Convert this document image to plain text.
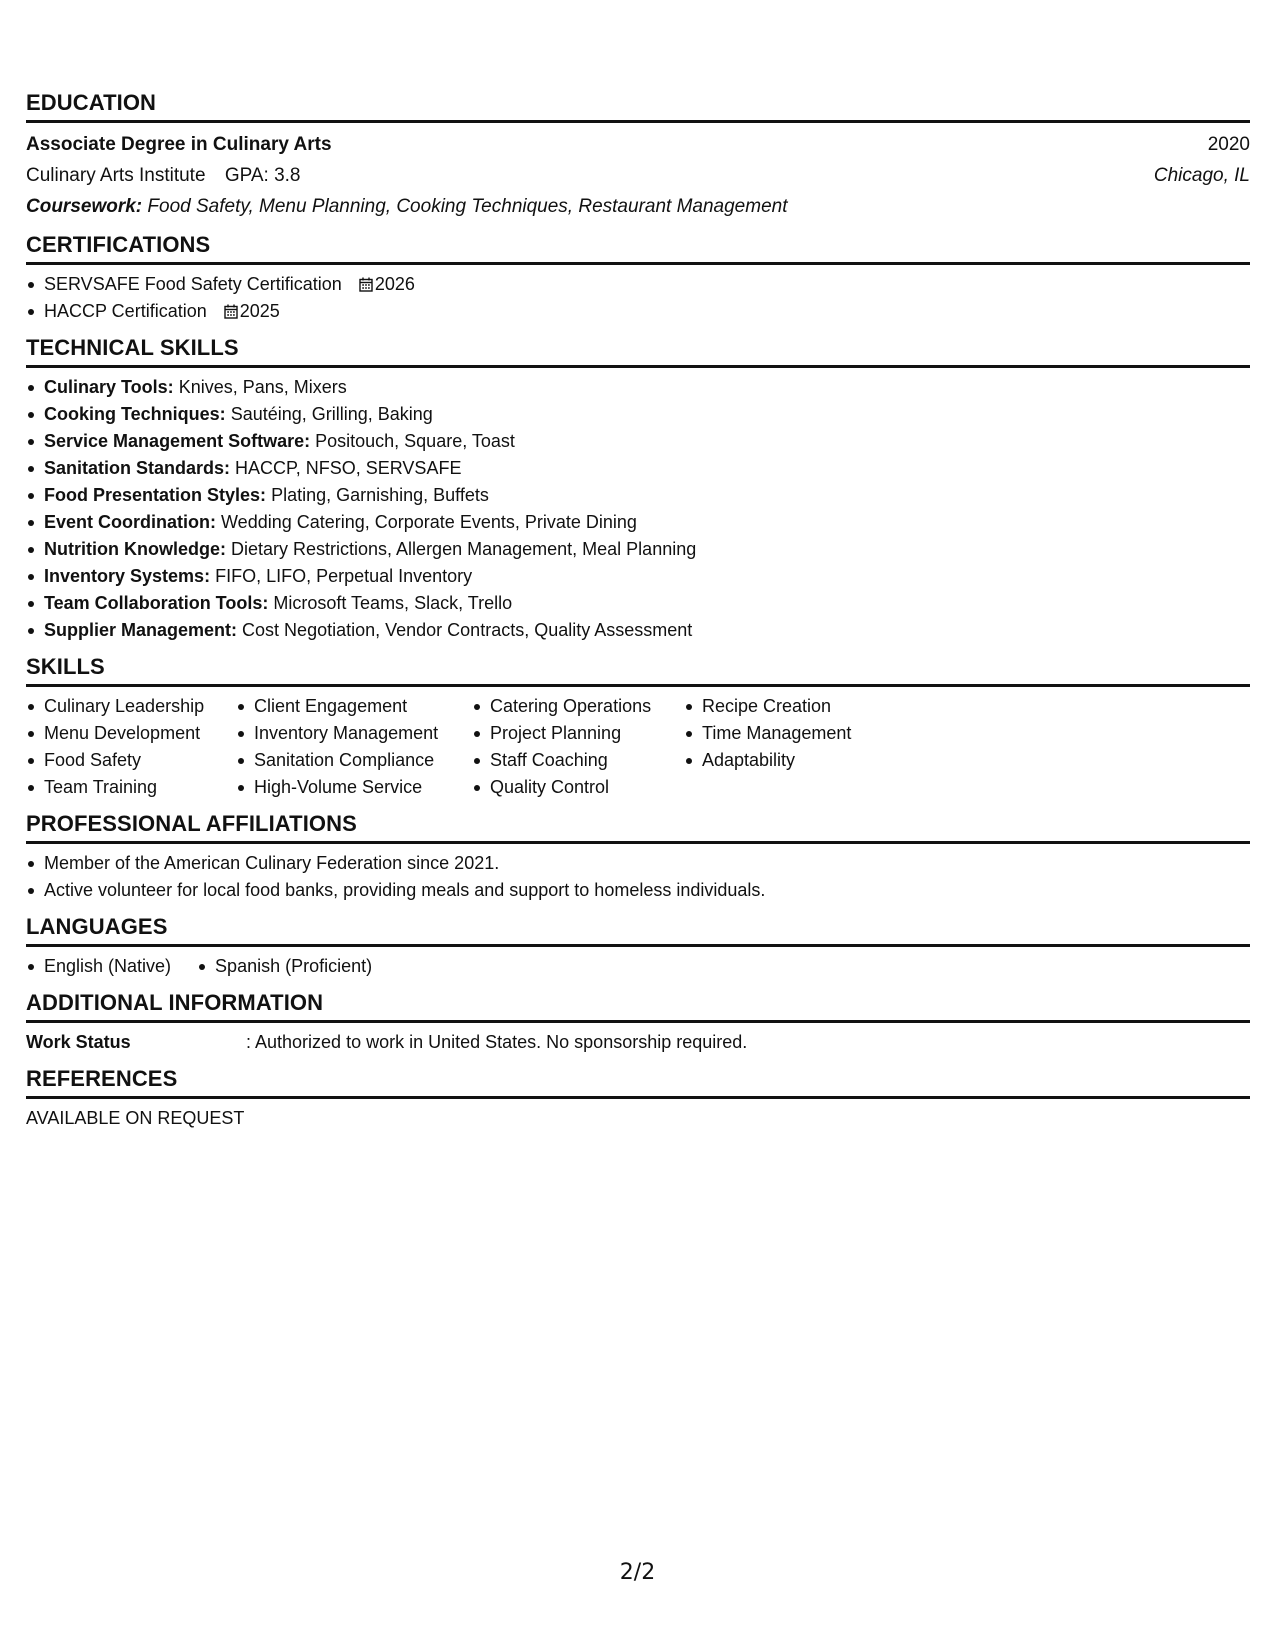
EDUCATION
Associate Degree in Culinary Arts	2020
Culinary Arts Institute GPA: 3.8	Chicago, IL
Coursework: Food Safety, Menu Planning, Cooking Techniques, Restaurant Management
CERTIFICATIONS
SERVSAFE Food Safety Certification 2026
HACCP Certification 2025
TECHNICAL SKILLS
Culinary Tools: Knives, Pans, Mixers
Cooking Techniques: Sautéing, Grilling, Baking
Service Management Software: Positouch, Square, Toast
Sanitation Standards: HACCP, NFSO, SERVSAFE
Food Presentation Styles: Plating, Garnishing, Buffets
Event Coordination: Wedding Catering, Corporate Events, Private Dining
Nutrition Knowledge: Dietary Restrictions, Allergen Management, Meal Planning
Inventory Systems: FIFO, LIFO, Perpetual Inventory
Team Collaboration Tools: Microsoft Teams, Slack, Trello
Supplier Management: Cost Negotiation, Vendor Contracts, Quality Assessment
SKILLS
Culinary Leadership
Menu Development
Food Safety
Team Training
Client Engagement
Inventory Management
Sanitation Compliance
High-Volume Service
Catering Operations
Project Planning
Staff Coaching
Quality Control
Recipe Creation
Time Management
Adaptability
PROFESSIONAL AFFILIATIONS
Member of the American Culinary Federation since 2021.
Active volunteer for local food banks, providing meals and support to homeless individuals.
LANGUAGES
English (Native) Spanish (Proficient)
ADDITIONAL INFORMATION
Work Status	: Authorized to work in United States. No sponsorship required.
REFERENCES
AVAILABLE ON REQUEST
2/2
